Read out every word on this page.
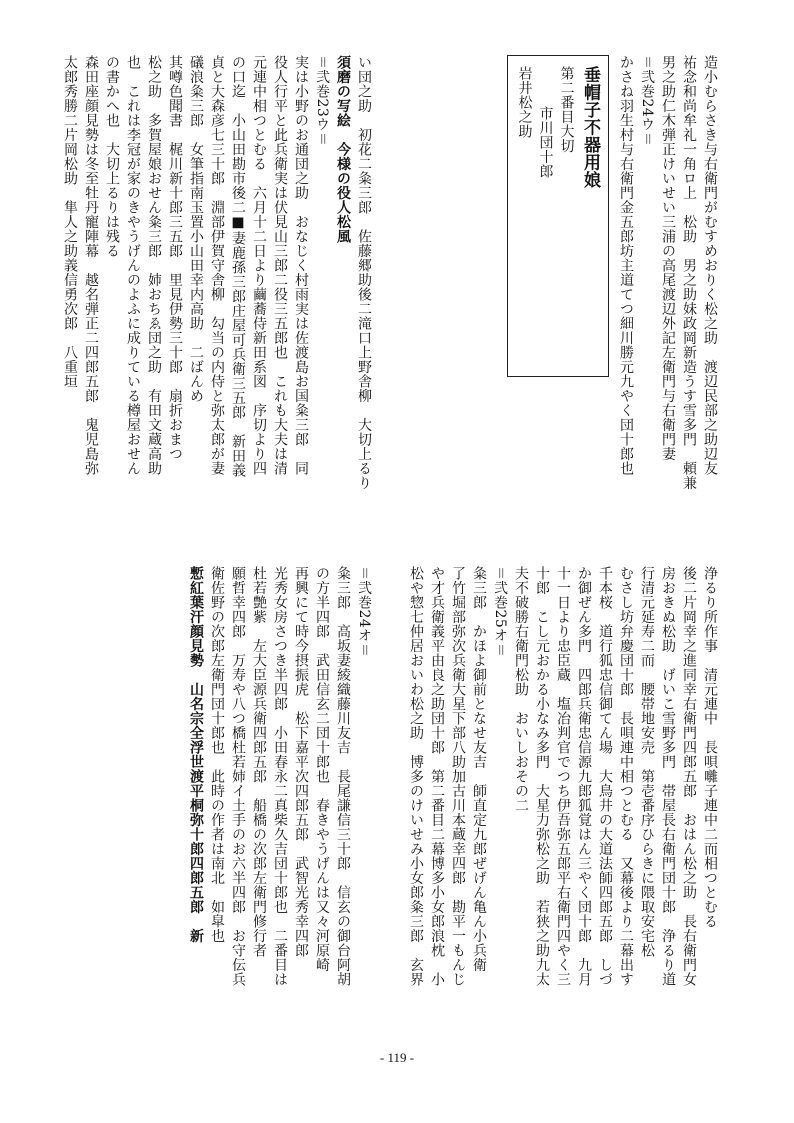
造小むらさき与右衛門がむすめおりく松之助　渡辺民部之助辺友
祐念和尚牟礼一角ロ上　松助　男之助妹政岡新造うす雪多門　頼兼
男之助仁木弾正けいせい三浦の高尾渡辺外記左衛門与右衛門妻
＝弐巻24ウ＝
かさね羽生村与右衛門金五郎坊主道てつ細川勝元九やく団十郎也
垂帽子不器用娘
第二番目大切
市川団十郎
岩井松之助
浄るり所作事　清元連中　長唄囃子連中二而相つとむる
後二片岡幸之進同幸右衛門四郎五郎　おはん松之助　長右衛門女
房おきぬ松助　げいこ雪野多門　帯屋長右衛門団十郎　浄るり道
行清元延寿二而　腰帯地安売　第壱番序ひらきに隈取安宅松
むさし坊弁慶団十郎　長唄連中相つとむる　又幕後より二幕出す
千本桜　道行狐忠信御てん場　大鳥井の大道法師四郎五郎　しづ
か御ぜん多門　四郎兵衛忠信源九郎狐覚はん三やく団十郎　九月
十一日より忠臣蔵　塩冶判官でつち伊吾弥五郎平右衛門四やく三
十郎　こし元おかる小なみ多門　大星力弥松之助　若狭之助九太
夫不破勝右衛門松助　おいしおその二
＝弐巻25オ＝
粂三郎　かほよ御前となせ友吉　師直定九郎ぜげん亀ん小兵衛
了竹堀部弥次兵衛大星下部八助加古川本蔵幸四郎　勘平一もんじ
や才兵衛義平由良之助団十郎　第二番目二幕博多小女郎浪枕　小
松や惣七仲居おいわ松之助　博多のけいせみ小女郎粂三郎　玄界
い団之助　初花二粂三郎　佐藤郷助後二滝口上野舎柳　大切上るり
須磨の写絵　今様の役人松風
＝弐巻23ウ＝
実は小野のお通団之助　おなじく村雨実は佐渡島お国粂三郎　同
役人行平と此兵衛実は伏見山三郎二役三五郎也　これも大夫は清
元連中相つとむる　六月十二日より繭蕎侍新田系図　序切より四
の口迄　小山田勘市後二■妻鹿孫三郎庄屋可兵衛三五郎　新田義
貞と大森彦七三十郎　淵部伊賀守舎柳　勾当の内侍と弥太郎が妻
礒浪粂三郎　女筆指南玉置小山田幸内高助　二ばんめ
其噂色聞書　梶川新十郎三五郎　里見伊勢三十郎　扇折おまつ
松之助　多賀屋娘おせん粂三郎　姉おちゑ団之助　有田文蔵高助
也　これは李冠が家のきやうげんのよふに成りている樽屋おせん
の書かへ也　大切上るりは残る
森田座顔見勢は冬至牡丹寵陣幕　越名弾正二四郎五郎　鬼児島弥
太郎秀勝二片岡松助　隼人之助義信勇次郎　八重垣
＝弐巻24オ＝
粂三郎　高坂妻綾織藤川友吉　長尾謙信三十郎　信玄の御台阿胡
の方半四郎　武田信玄二団十郎也　春きやうげんは又々河原崎
再興にて時今摂振虎　松下嘉平次四郎五郎　武智光秀幸四郎
光秀女房さつき半四郎　小田春永二真柴久吉団十郎也　二番目は
杜若艶紫　左大臣源兵衛四郎五郎　船橋の次郎左衛門修行者
願哲幸四郎　万寿や八つ橋杜若姉イ土手のお六半四郎　お守伝兵
衛佐野の次郎左衛門団十郎也　此時の作者は南北　如皐也
慙紅葉汗顔見勢　山名宗全浮世渡平桐弥十郎四郎五郎　新
- 119 -
